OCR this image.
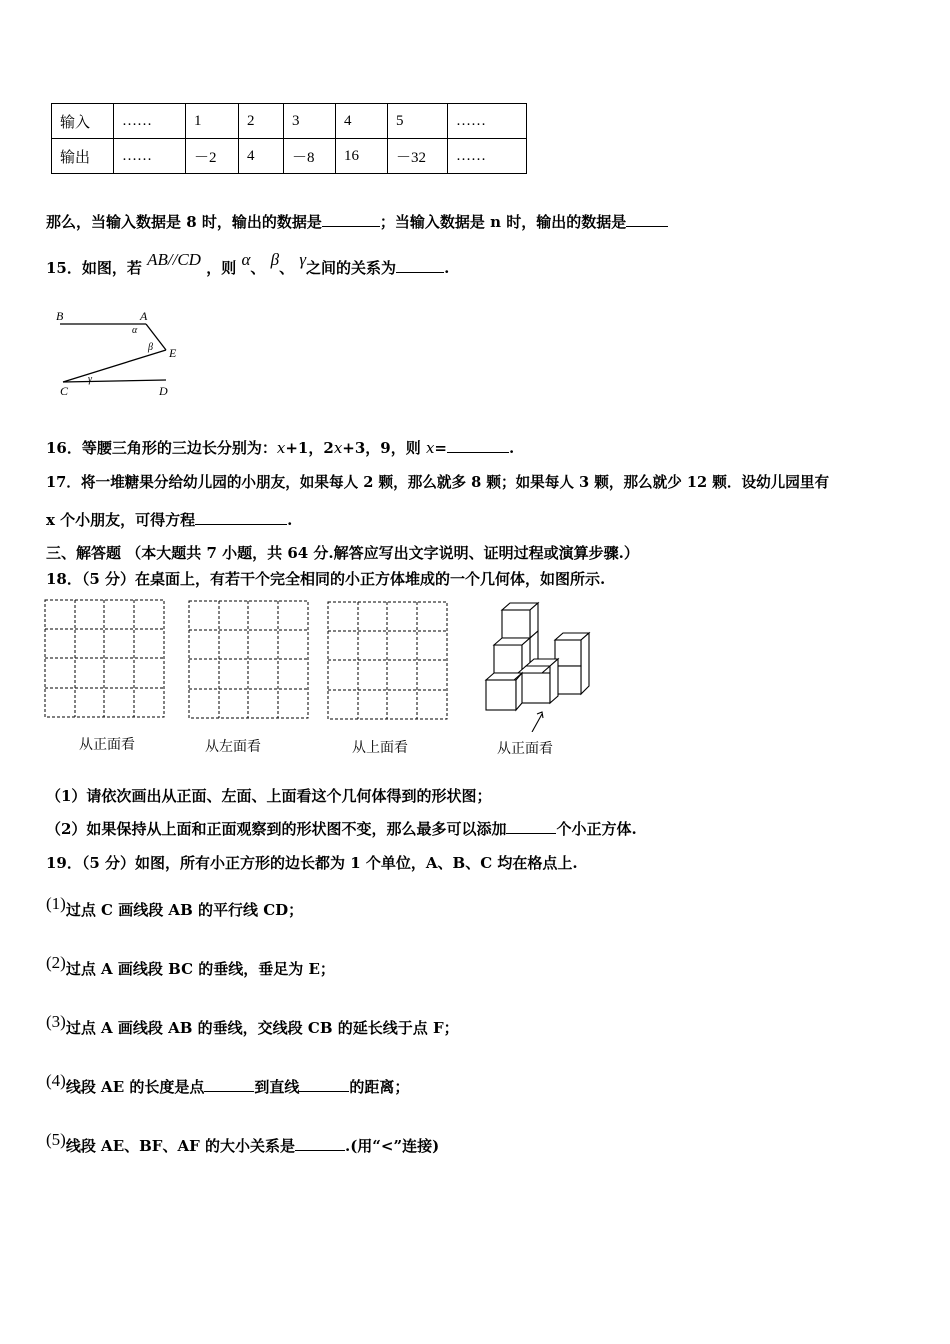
输入	……	1	2	3	4	5	……
输出	……	－2	4	－8	16	－32	……
那么，当输入数据是 8 时，输出的数据是	；当输入数据是 n 时，输出的数据是
15．如图，若 AB//CD ，则 α、 β、 γ之间的关系为	.
B	A
α
β E
C
γ
D
16．等腰三角形的三边长分别为：x+1，2x+3，9，则 x=	.
17．将一堆糖果分给幼儿园的小朋友，如果每人 2 颗，那么就多 8 颗；如果每人 3 颗，那么就少 12 颗．设幼儿园里有
x 个小朋友，可得方程	.
三、解答题 （本大题共 7 小题，共 64 分.解答应写出文字说明、证明过程或演算步骤.）
18．（5 分）在桌面上，有若干个完全相同的小正方体堆成的一个几何体，如图所示.
从正面看	从左面看	从上面看	从正面看
（1）请依次画出从正面、左面、上面看这个几何体得到的形状图；
（2）如果保持从上面和正面观察到的形状图不变，那么最多可以添加	个小正方体.
19．（5 分）如图，所有小正方形的边长都为 1 个单位，A、B、C 均在格点上.
(1)过点 C 画线段 AB 的平行线 CD；
(2)过点 A 画线段 BC 的垂线，垂足为 E；
(3)过点 A 画线段 AB 的垂线，交线段 CB 的延长线于点 F；
(4)线段 AE 的长度是点	到直线	的距离；
(5)线段 AE、BF、AF 的大小关系是	.(用“<”连接)
